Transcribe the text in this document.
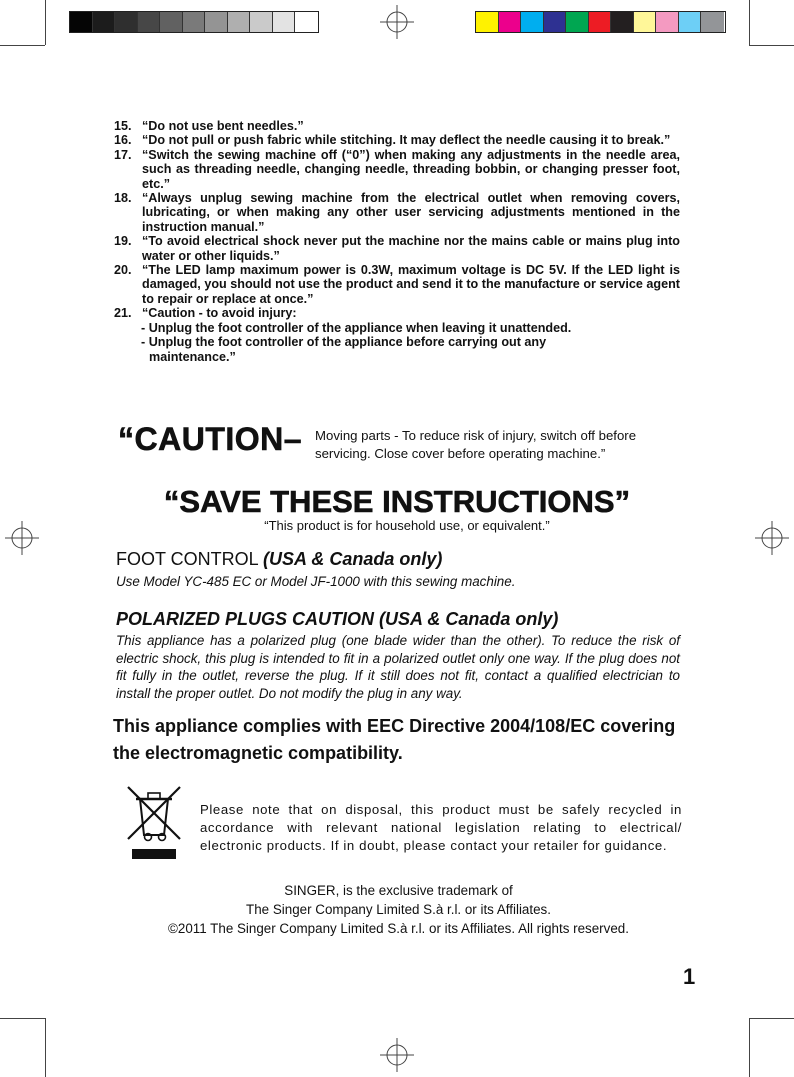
15. “Do not use bent needles.”
16. “Do not pull or push fabric while stitching. It may deflect the needle causing it to break.”
17. “Switch the sewing machine off (“0”) when making any adjustments in the needle area, such as threading needle, changing needle, threading bobbin, or changing presser foot, etc.”
18. “Always unplug sewing machine from the electrical outlet when removing covers, lubricating, or when making any other user servicing adjustments mentioned in the instruction manual.”
19. “To avoid electrical shock never put the machine nor the mains cable or mains plug into water or other liquids.”
20. “The LED lamp maximum power is 0.3W, maximum voltage is DC 5V. If the LED light is damaged, you should not use the product and send it to the manufacture or service agent to repair or replace at once.”
21. “Caution - to avoid injury:
- Unplug the foot controller of the appliance when leaving it unattended.
- Unplug the foot controller of the appliance before carrying out any
maintenance.”
“CAUTION– Moving parts - To reduce risk of injury, switch off before servicing. Close cover before operating machine.”
“SAVE THESE INSTRUCTIONS”
“This product is for household use, or equivalent.”
FOOT CONTROL (USA & Canada only)
Use Model YC-485 EC or Model JF-1000 with this sewing machine.
POLARIZED PLUGS CAUTION (USA & Canada only)
This appliance has a polarized plug (one blade wider than the other). To reduce the risk of electric shock, this plug is intended to fit in a polarized outlet only one way. If the plug does not fit fully in the outlet, reverse the plug. If it still does not fit, contact a qualified electrician to install the proper outlet. Do not modify the plug in any way.
This appliance complies with EEC Directive 2004/108/EC covering
the electromagnetic compatibility.
Please note that on disposal, this product must be safely recycled in accordance with relevant national legislation relating to electrical/ electronic products. If in doubt, please contact your retailer for guidance.
SINGER, is the exclusive trademark of
The Singer Company Limited S.à r.l. or its Affiliates.
©2011 The Singer Company Limited S.à r.l. or its Affiliates. All rights reserved.
1
